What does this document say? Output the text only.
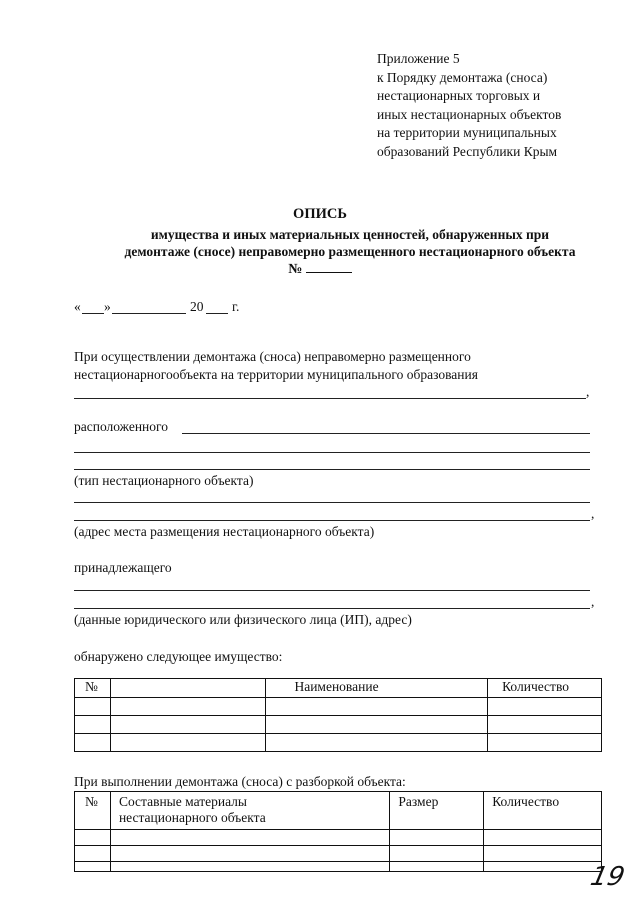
Приложение 5
к Порядку демонтажа (сноса)
нестационарных торговых и
иных нестационарных объектов
на территории муниципальных
образований Республики Крым
ОПИСЬ
имущества и иных материальных ценностей, обнаруженных при
демонтаже (сносе) неправомерно размещенного нестационарного объекта
№
« »	20 г.
При осуществлении демонтажа (сноса) неправомерно размещенного
нестационарногообъекта на территории муниципального образования
,
расположенного
(тип нестационарного объекта)
,
(адрес места размещения нестационарного объекта)
принадлежащего
,
(данные юридического или физического лица (ИП), адрес)
обнаружено следующее имущество:
№		Наименование	Количество

При выполнении демонтажа (сноса) с разборкой объекта:
№	Составные материалы нестационарного объекта	Размер	Количество

19
